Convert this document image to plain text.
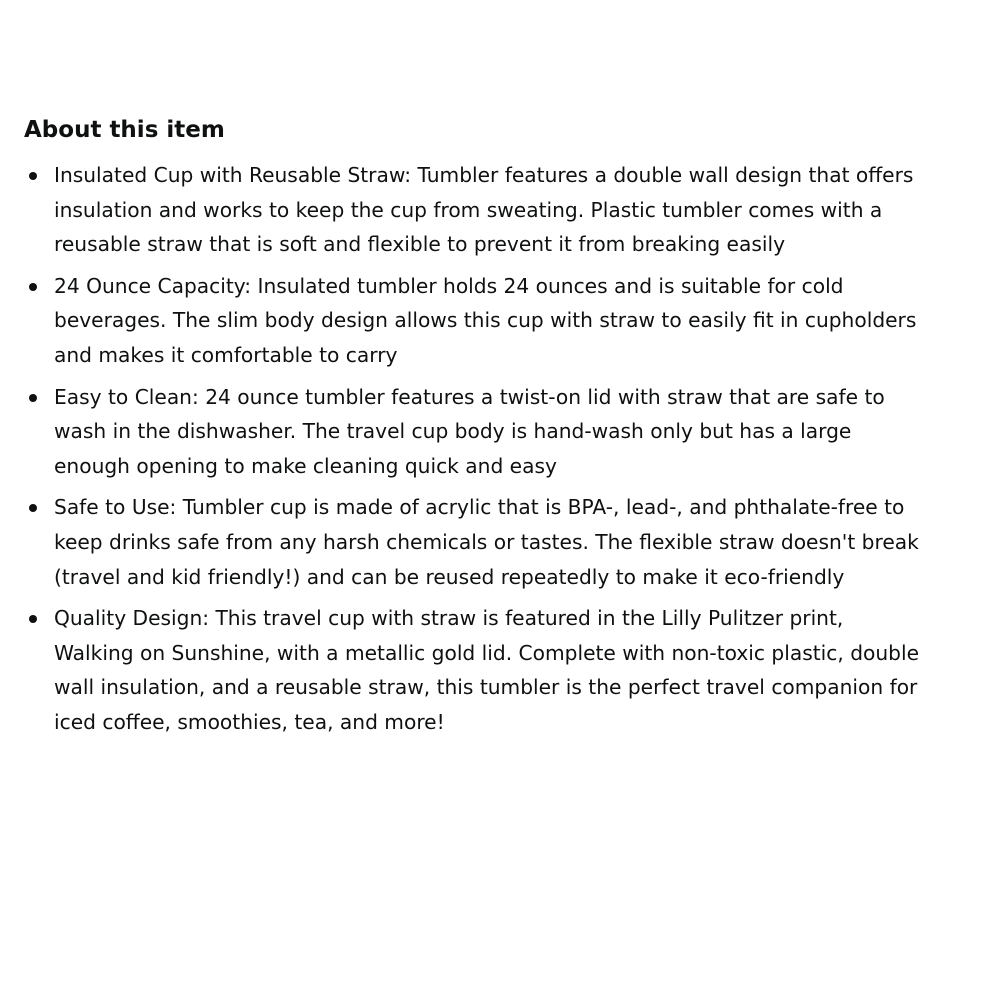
About this item
Insulated Cup with Reusable Straw: Tumbler features a double wall design that offers insulation and works to keep the cup from sweating. Plastic tumbler comes with a reusable straw that is soft and flexible to prevent it from breaking easily
24 Ounce Capacity: Insulated tumbler holds 24 ounces and is suitable for cold beverages. The slim body design allows this cup with straw to easily fit in cupholders and makes it comfortable to carry
Easy to Clean: 24 ounce tumbler features a twist-on lid with straw that are safe to wash in the dishwasher. The travel cup body is hand-wash only but has a large enough opening to make cleaning quick and easy
Safe to Use: Tumbler cup is made of acrylic that is BPA-, lead-, and phthalate-free to keep drinks safe from any harsh chemicals or tastes. The flexible straw doesn't break (travel and kid friendly!) and can be reused repeatedly to make it eco-friendly
Quality Design: This travel cup with straw is featured in the Lilly Pulitzer print, Walking on Sunshine, with a metallic gold lid. Complete with non-toxic plastic, double wall insulation, and a reusable straw, this tumbler is the perfect travel companion for iced coffee, smoothies, tea, and more!
